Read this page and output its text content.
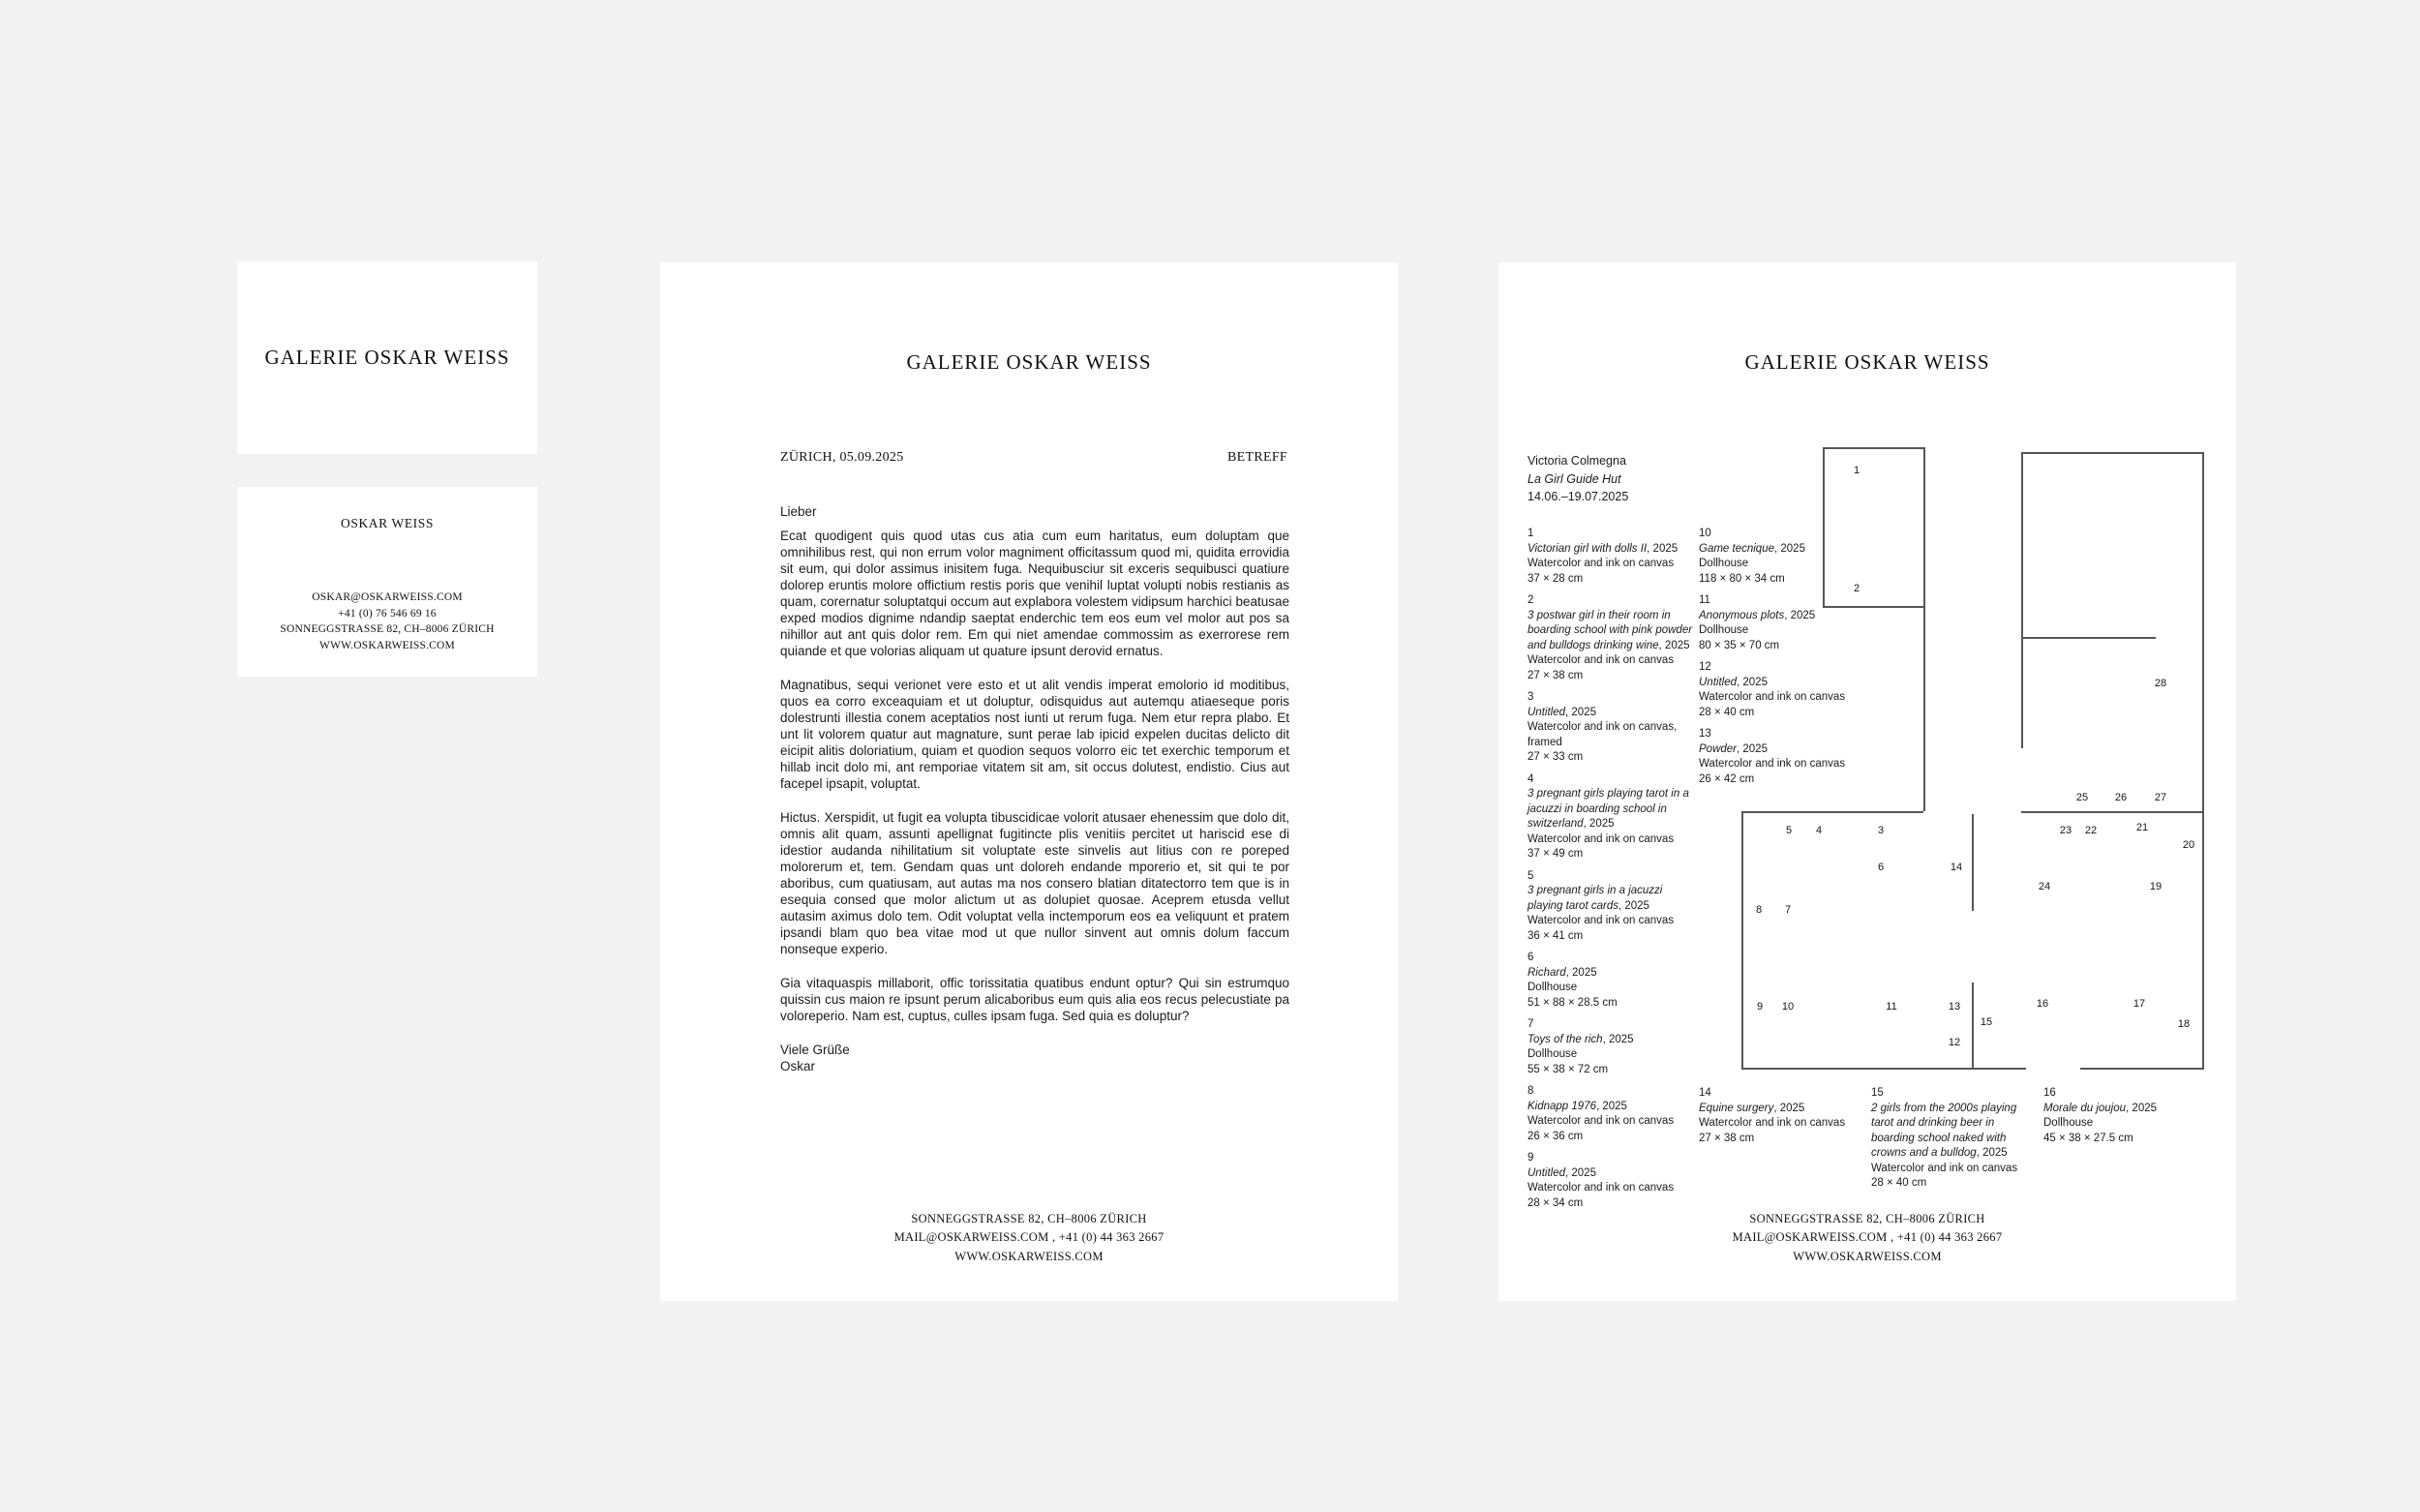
GALERIE OSKAR WEISS
OSKAR WEISS
OSKAR@OSKARWEISS.COM
+41 (0) 76 546 69 16
SONNEGGSTRASSE 82, CH–8006 ZÜRICH
WWW.OSKARWEISS.COM
GALERIE OSKAR WEISS
ZÜRICH, 05.09.2025	BETREFF

Lieber

Ecat quodigent quis quod utas cus atia cum eum haritatus, eum doluptam que omnihilibus rest, qui non errum volor magniment officitassum quod mi, quidita errovidia sit eum, qui dolor assimus inisitem fuga. Nequibusciur sit exceris sequibusci quatiure dolorep eruntis molore offictium restis poris que venihil luptat volupti nobis restianis as quam, corernatur soluptatqui occum aut explabora volestem vidipsum harchici beatusae exped modios dignime ndandip saeptat enderchic tem eos eum vel molor aut pos sa nihillor aut ant quis dolor rem. Em qui niet amendae commossim as exerrorese rem quiande et que volorias aliquam ut quature ipsunt derovid ernatus.

Magnatibus, sequi verionet vere esto et ut alit vendis imperat emolorio id moditibus, quos ea corro exceaquiam et ut doluptur, odisquidus aut autemqu atiaeseque poris dolestrunti illestia conem aceptatios nost iunti ut rerum fuga. Nem etur repra plabo. Et unt lit volorem quatur aut magnature, sunt perae lab ipicid expelen ducitas delicto dit eicipit alitis doloriatium, quiam et quodion sequos volorro eic tet exerchic temporum et hillab incit dolo mi, ant remporiae vitatem sit am, sit occus dolutest, endistio. Cius aut facepel ipsapit, voluptat.

Hictus. Xerspidit, ut fugit ea volupta tibuscidicae volorit atusaer ehenessim que dolo dit, omnis alit quam, assunti apellignat fugitincte plis venitiis percitet ut hariscid ese di idestior audanda nihilitatium sit voluptate este sinvelis aut litius con re poreped molorerum et, tem. Gendam quas unt doloreh endande mporerio et, sit qui te por aboribus, cum quatiusam, aut autas ma nos consero blatian ditatectorro tem que is in esequia consed que molor alictum ut as dolupiet quosae. Aceprem etusda vellut autasim aximus dolo tem. Odit voluptat vella inctemporum eos ea veliquunt et pratem ipsandi blam quo bea vitae mod ut que nullor sinvent aut omnis dolum faccum nonseque experio.

Gia vitaquaspis millaborit, offic torissitatia quatibus endunt optur? Qui sin estrumquo quissin cus maion re ipsunt perum alicaboribus eum quis alia eos recus pelecustiate pa voloreperio. Nam est, cuptus, culles ipsam fuga. Sed quia es doluptur?

Viele Grüße

Oskar

SONNEGGSTRASSE 82, CH–8006 ZÜRICH
MAIL@OSKARWEISS.COM , +41 (0) 44 363 2667
WWW.OSKARWEISS.COM
GALERIE OSKAR WEISS
Victoria Colmegna
La Girl Guide Hut
14.06.–19.07.2025
1
Victorian girl with dolls II, 2025
Watercolor and ink on canvas
37 × 28 cm
2
3 postwar girl in their room in boarding school with pink powder and bulldogs drinking wine, 2025
Watercolor and ink on canvas
27 × 38 cm
3
Untitled, 2025
Watercolor and ink on canvas, framed
27 × 33 cm
4
3 pregnant girls playing tarot in a jacuzzi in boarding school in switzerland, 2025
Watercolor and ink on canvas
37 × 49 cm
5
3 pregnant girls in a jacuzzi playing tarot cards, 2025
Watercolor and ink on canvas
36 × 41 cm
6
Richard, 2025
Dollhouse
51 × 88 × 28.5 cm
7
Toys of the rich, 2025
Dollhouse
55 × 38 × 72 cm
8
Kidnapp 1976, 2025
Watercolor and ink on canvas
26 × 36 cm
9
Untitled, 2025
Watercolor and ink on canvas
28 × 34 cm
10
Game tecnique, 2025
Dollhouse
118 × 80 × 34 cm
11
Anonymous plots, 2025
Dollhouse
80 × 35 × 70 cm
12
Untitled, 2025
Watercolor and ink on canvas
28 × 40 cm
13
Powder, 2025
Watercolor and ink on canvas
26 × 42 cm
14
Equine surgery, 2025
Watercolor and ink on canvas
27 × 38 cm
15
2 girls from the 2000s playing tarot and drinking beer in boarding school naked with crowns and a bulldog, 2025
Watercolor and ink on canvas
28 × 40 cm
16
Morale du joujou, 2025
Dollhouse
45 × 38 × 27.5 cm
1
2
3
4
5
6
7
8
9 10	11
12
13
14
15
16	17
18
19
20
21
22
23
24
25	26	27
28
SONNEGGSTRASSE 82, CH–8006 ZÜRICH
MAIL@OSKARWEISS.COM , +41 (0) 44 363 2667
WWW.OSKARWEISS.COM
